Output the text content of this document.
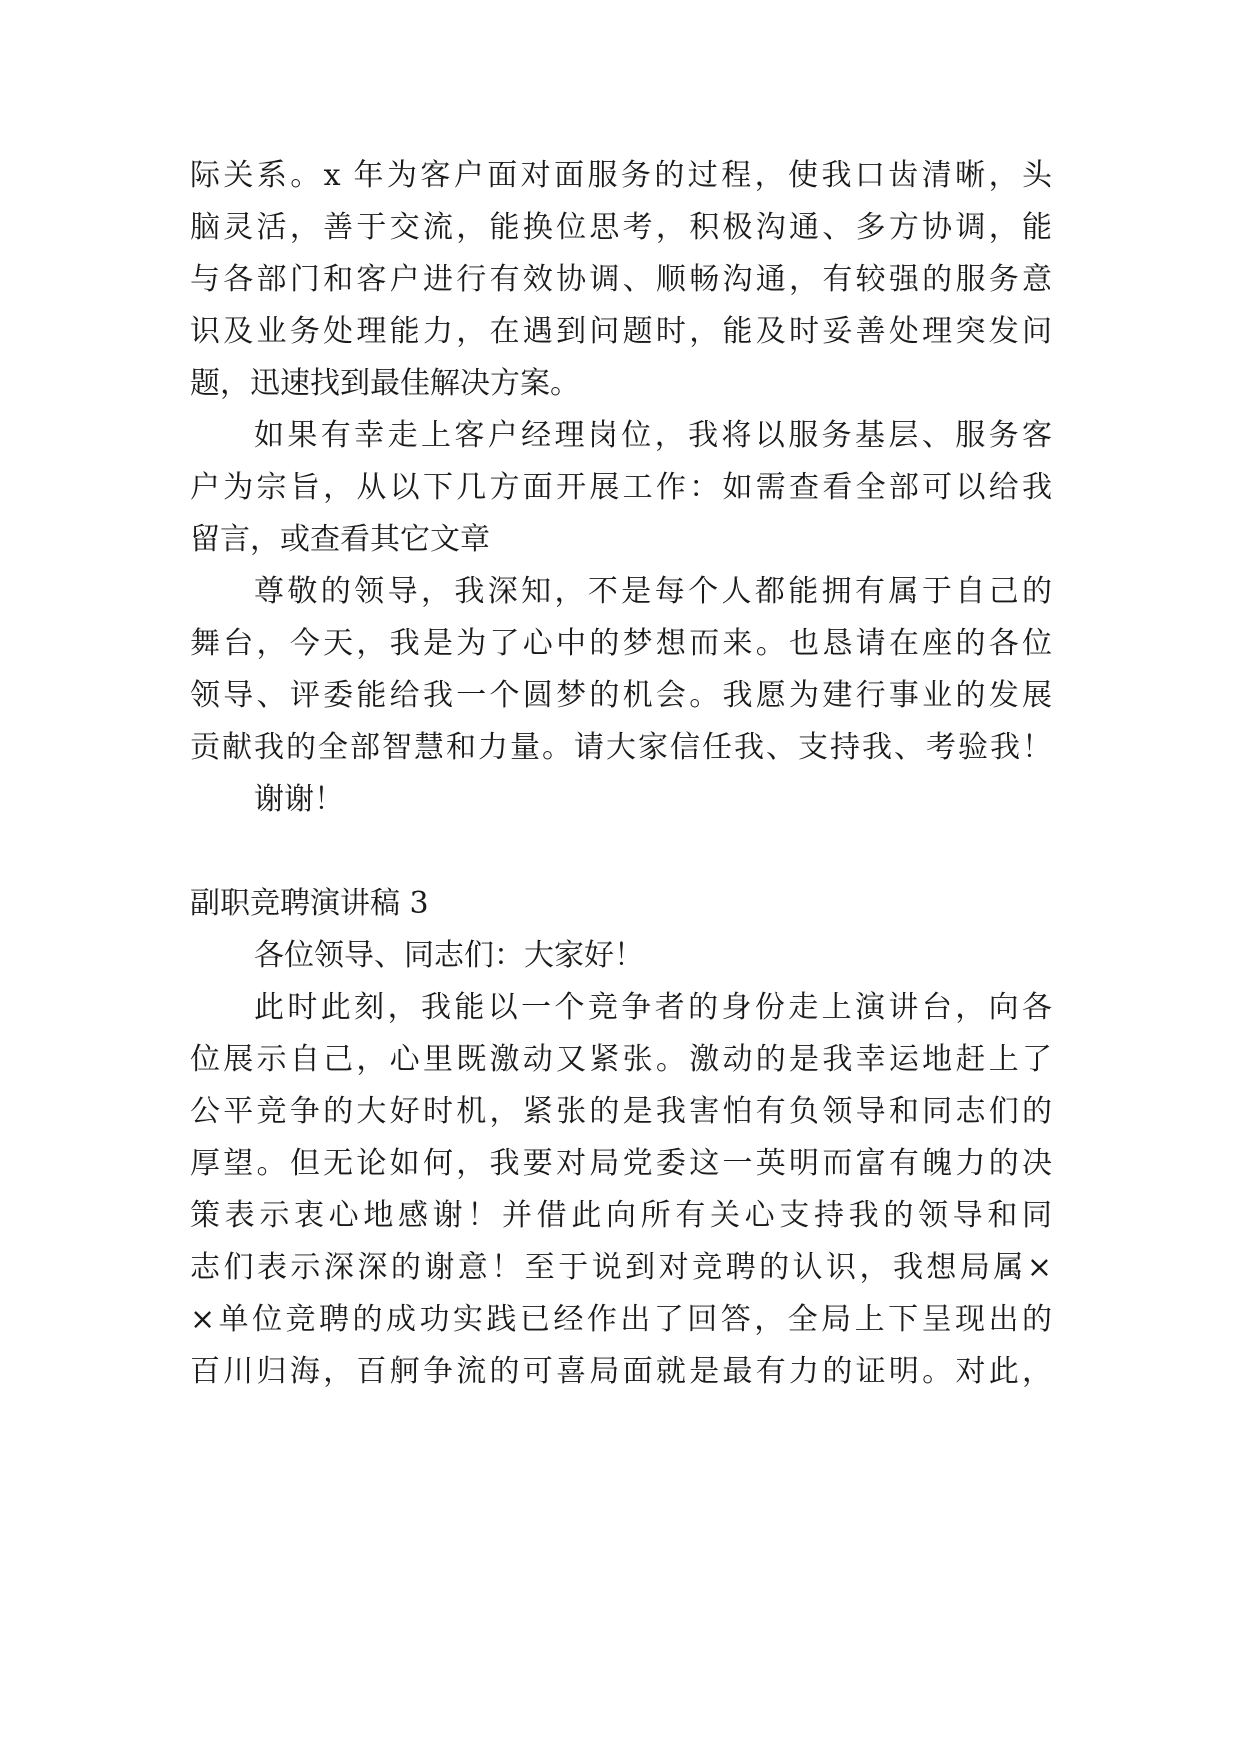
际关系。x 年为客户面对面服务的过程，使我口齿清晰，头
脑灵活，善于交流，能换位思考，积极沟通、多方协调，能
与各部门和客户进行有效协调、顺畅沟通，有较强的服务意
识及业务处理能力，在遇到问题时，能及时妥善处理突发问
题，迅速找到最佳解决方案。
如果有幸走上客户经理岗位，我将以服务基层、服务客
户为宗旨，从以下几方面开展工作：如需查看全部可以给我
留言，或查看其它文章
尊敬的领导，我深知，不是每个人都能拥有属于自己的
舞台，今天，我是为了心中的梦想而来。也恳请在座的各位
领导、评委能给我一个圆梦的机会。我愿为建行事业的发展
贡献我的全部智慧和力量。请大家信任我、支持我、考验我！
谢谢！
副职竞聘演讲稿 3
各位领导、同志们：大家好！
此时此刻，我能以一个竞争者的身份走上演讲台，向各
位展示自己，心里既激动又紧张。激动的是我幸运地赶上了
公平竞争的大好时机，紧张的是我害怕有负领导和同志们的
厚望。但无论如何，我要对局党委这一英明而富有魄力的决
策表示衷心地感谢！并借此向所有关心支持我的领导和同
志们表示深深的谢意！至于说到对竞聘的认识，我想局属×
×单位竞聘的成功实践已经作出了回答，全局上下呈现出的
百川归海，百舸争流的可喜局面就是最有力的证明。对此，
